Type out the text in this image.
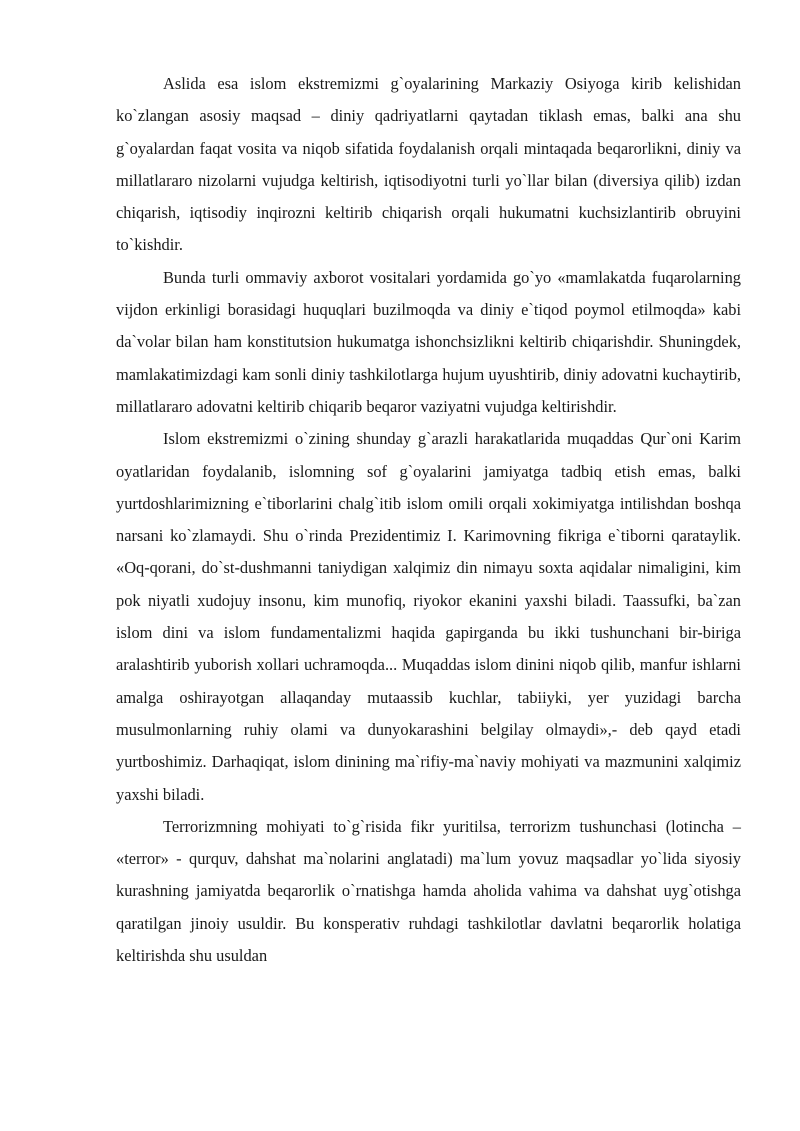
Aslida esa islom ekstremizmi g`oyalarining Markaziy Osiyoga kirib kelishidan ko`zlangan asosiy maqsad – diniy qadriyatlarni qaytadan tiklash emas, balki ana shu g`oyalardan faqat vosita va niqob sifatida foydalanish orqali mintaqada beqarorlikni, diniy va millatlararo nizolarni vujudga keltirish, iqtisodiyotni turli yo`llar bilan (diversiya qilib) izdan chiqarish, iqtisodiy inqirozni keltirib chiqarish orqali hukumatni kuchsizlantirib obruyini to`kishdir.

Bunda turli ommaviy axborot vositalari yordamida go`yo «mamlakatda fuqarolarning vijdon erkinligi borasidagi huquqlari buzilmoqda va diniy e`tiqod poymol etilmoqda» kabi da`volar bilan ham konstitutsion hukumatga ishonchsizlikni keltirib chiqarishdir. Shuningdek, mamlakatimizdagi kam sonli diniy tashkilotlarga hujum uyushtirib, diniy adovatni kuchaytirib, millatlararo adovatni keltirib chiqarib beqaror vaziyatni vujudga keltirishdir.

Islom ekstremizmi o`zining shunday g`arazli harakatlarida muqaddas Qur`oni Karim oyatlaridan foydalanib, islomning sof g`oyalarini jamiyatga tadbiq etish emas, balki yurtdoshlarimizning e`tiborlarini chalg`itib islom omili orqali xokimiyatga intilishdan boshqa narsani ko`zlamaydi. Shu o`rinda Prezidentimiz I. Karimovning fikriga e`tiborni qarataylik. «Oq-qorani, do`st-dushmanni taniydigan xalqimiz din nimayu soxta aqidalar nimaligini, kim pok niyatli xudojuy insonu, kim munofiq, riyokor ekanini yaxshi biladi. Taassufki, ba`zan islom dini va islom fundamentalizmi haqida gapirganda bu ikki tushunchani bir-biriga aralashtirib yuborish xollari uchramoqda... Muqaddas islom dinini niqob qilib, manfur ishlarni amalga oshirayotgan allaqanday mutaassib kuchlar, tabiiyki, yer yuzidagi barcha musulmonlarning ruhiy olami va dunyokarashini belgilay olmaydi»,- deb qayd etadi yurtboshimiz. Darhaqiqat, islom dinining ma`rifiy-ma`naviy mohiyati va mazmunini xalqimiz yaxshi biladi.

Terrorizmning mohiyati to`g`risida fikr yuritilsa, terrorizm tushunchasi (lotincha – «terror» - qurquv, dahshat ma`nolarini anglatadi) ma`lum yovuz maqsadlar yo`lida siyosiy kurashning jamiyatda beqarorlik o`rnatishga hamda aholida vahima va dahshat uyg`otishga qaratilgan jinoiy usuldir. Bu konsperativ ruhdagi tashkilotlar davlatni beqarorlik holatiga keltirishda shu usuldan
